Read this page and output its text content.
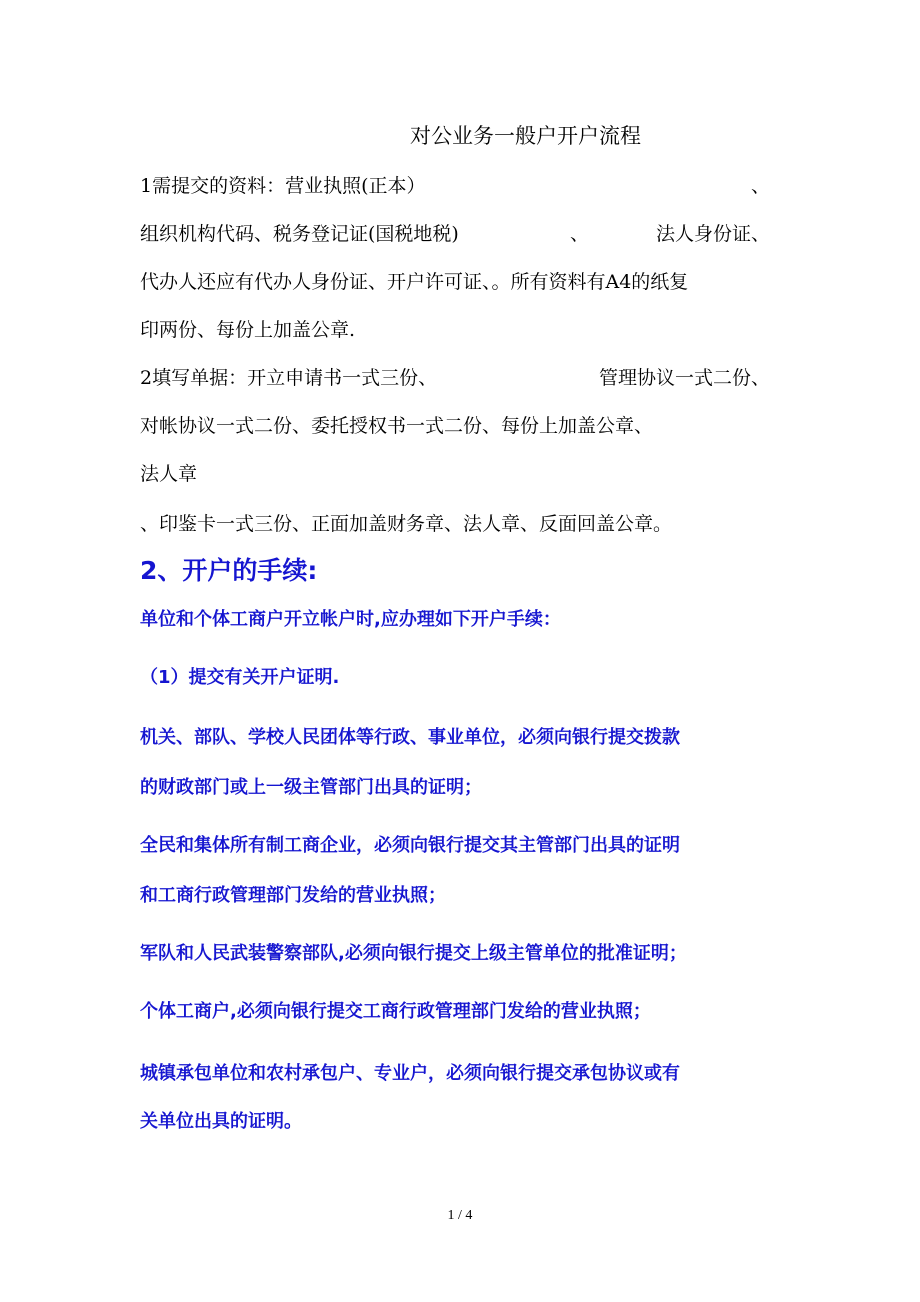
对公业务一般户开户流程

1需提交的资料：营业执照(正本）	、

组织机构代码、税务登记证(国税地税)	、	法人身份证、

代办人还应有代办人身份证、开户许可证、。所有资料有A4的纸复

印两份、每份上加盖公章.

2填写单据：开立申请书一式三份、	管理协议一式二份、

对帐协议一式二份、委托授权书一式二份、每份上加盖公章、

法人章

、印鉴卡一式三份、正面加盖财务章、法人章、反面回盖公章。

2、开户的手续:

单位和个体工商户开立帐户时,应办理如下开户手续：

（1）提交有关开户证明.

机关、部队、学校人民团体等行政、事业单位，必须向银行提交拨款

的财政部门或上一级主管部门出具的证明；

全民和集体所有制工商企业，必须向银行提交其主管部门出具的证明

和工商行政管理部门发给的营业执照；

军队和人民武装警察部队,必须向银行提交上级主管单位的批准证明；

个体工商户,必须向银行提交工商行政管理部门发给的营业执照；

城镇承包单位和农村承包户、专业户，必须向银行提交承包协议或有

关单位出具的证明。

1 / 4
